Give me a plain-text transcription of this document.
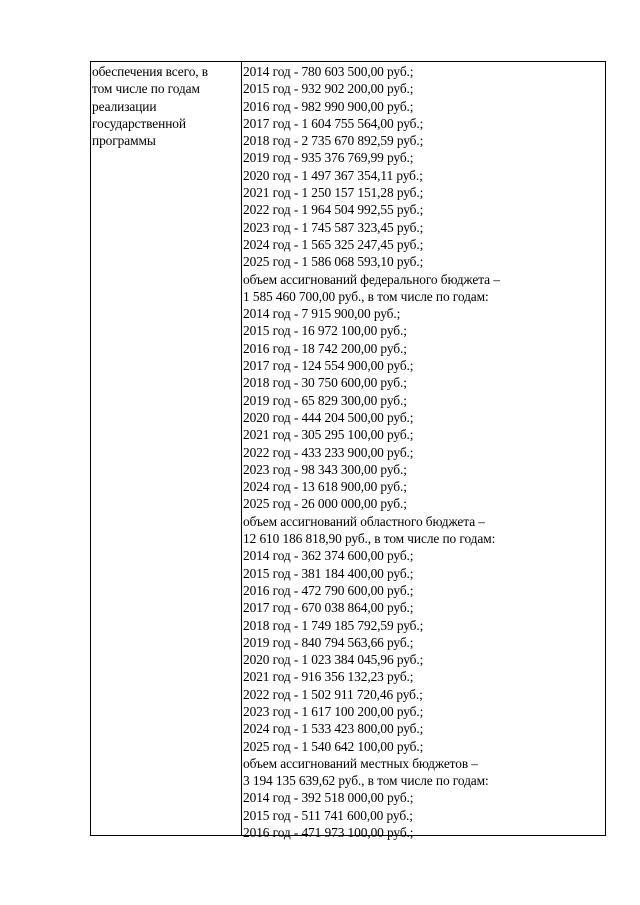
обеспечения всего, в
том числе по годам
реализации
государственной
программы
2014 год - 780 603 500,00 руб.;
2015 год - 932 902 200,00 руб.;
2016 год - 982 990 900,00 руб.;
2017 год - 1 604 755 564,00 руб.;
2018 год - 2 735 670 892,59 руб.;
2019 год - 935 376 769,99 руб.;
2020 год - 1 497 367 354,11 руб.;
2021 год - 1 250 157 151,28 руб.;
2022 год - 1 964 504 992,55 руб.;
2023 год - 1 745 587 323,45 руб.;
2024 год - 1 565 325 247,45 руб.;
2025 год - 1 586 068 593,10 руб.;
объем ассигнований федерального бюджета –
1 585 460 700,00 руб., в том числе по годам:
2014 год - 7 915 900,00 руб.;
2015 год - 16 972 100,00 руб.;
2016 год - 18 742 200,00 руб.;
2017 год - 124 554 900,00 руб.;
2018 год - 30 750 600,00 руб.;
2019 год - 65 829 300,00 руб.;
2020 год - 444 204 500,00 руб.;
2021 год - 305 295 100,00 руб.;
2022 год - 433 233 900,00 руб.;
2023 год - 98 343 300,00 руб.;
2024 год - 13 618 900,00 руб.;
2025 год - 26 000 000,00 руб.;
объем ассигнований областного бюджета –
12 610 186 818,90 руб., в том числе по годам:
2014 год - 362 374 600,00 руб.;
2015 год - 381 184 400,00 руб.;
2016 год - 472 790 600,00 руб.;
2017 год - 670 038 864,00 руб.;
2018 год - 1 749 185 792,59 руб.;
2019 год - 840 794 563,66 руб.;
2020 год - 1 023 384 045,96 руб.;
2021 год - 916 356 132,23 руб.;
2022 год - 1 502 911 720,46 руб.;
2023 год - 1 617 100 200,00 руб.;
2024 год - 1 533 423 800,00 руб.;
2025 год - 1 540 642 100,00 руб.;
объем ассигнований местных бюджетов –
3 194 135 639,62 руб., в том числе по годам:
2014 год - 392 518 000,00 руб.;
2015 год - 511 741 600,00 руб.;
2016 год - 471 973 100,00 руб.;
